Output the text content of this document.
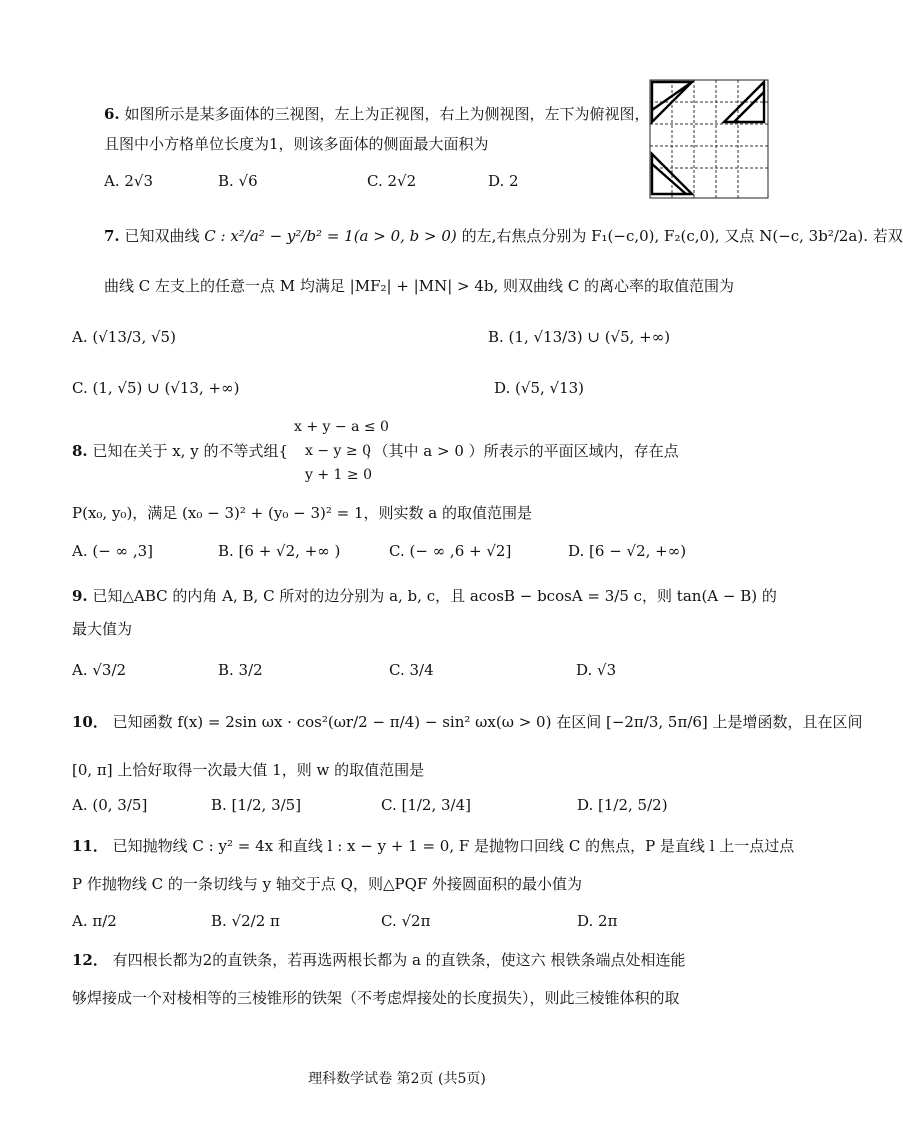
6. 如图所示是某多面体的三视图，左上为正视图，右上为侧视图，左下为俯视图，
且图中小方格单位长度为1，则该多面体的侧面最大面积为
A. 2√3	B. √6	C. 2√2	D. 2
7. 已知双曲线 C : x²/a² − y²/b² = 1(a > 0, b > 0) 的左,右焦点分别为 F₁(−c,0), F₂(c,0), 又点 N(−c, 3b²/2a). 若双
曲线 C 左支上的任意一点 M 均满足 |MF₂| + |MN| > 4b, 则双曲线 C 的离心率的取值范围为
A. (√13/3, √5)	B. (1, √13/3) ∪ (√5, +∞)
C. (1, √5) ∪ (√13, +∞)	D. (√5, √13)
x + y − a ≤ 0
x − y ≥ 0
y + 1 ≥ 0
8. 已知在关于 x, y 的不等式组{	，（其中 a > 0 ）所表示的平面区域内，存在点
P(x₀, y₀)，满足 (x₀ − 3)² + (y₀ − 3)² = 1，则实数 a 的取值范围是
A. (− ∞ ,3]	B. [6 + √2, +∞ )	C. (− ∞ ,6 + √2]	D. [6 − √2, +∞)
9. 已知△ABC 的内角 A, B, C 所对的边分别为 a, b, c，且 acosB − bcosA = 3/5 c，则 tan(A − B) 的
最大值为
A. √3/2	B. 3/2	C. 3/4	D. √3
10． 已知函数 f(x) = 2sin ωx · cos²(ωr/2 − π/4) − sin² ωx(ω > 0) 在区间 [−2π/3, 5π/6] 上是增函数，且在区间
[0, π] 上恰好取得一次最大值 1，则 w 的取值范围是
A. (0, 3/5]	B. [1/2, 3/5]	C. [1/2, 3/4]	D. [1/2, 5/2)
11． 已知抛物线 C : y² = 4x 和直线 l : x − y + 1 = 0, F 是抛物口回线 C 的焦点，P 是直线 l 上一点过点
P 作抛物线 C 的一条切线与 y 轴交于点 Q，则△PQF 外接圆面积的最小值为
A. π/2	B. √2/2 π	C. √2π	D. 2π
12． 有四根长都为2的直铁条，若再选两根长都为 a 的直铁条，使这六 根铁条端点处相连能
够焊接成一个对棱相等的三棱锥形的铁架（不考虑焊接处的长度损失），则此三棱锥体积的取
理科数学试卷 第2页 (共5页)
